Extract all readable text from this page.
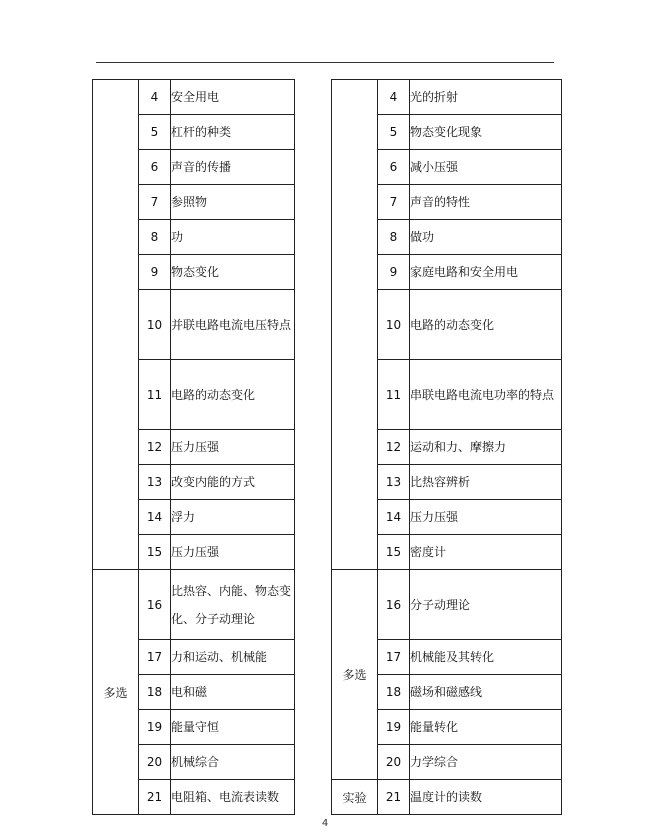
	4	安全用电
	5	杠杆的种类
	6	声音的传播
	7	参照物
	8	功
	9	物态变化
	10	并联电路电流电压特点
	11	电路的动态变化
	12	压力压强
	13	改变内能的方式
	14	浮力
	15	压力压强
多选	16	比热容、内能、物态变化、分子动理论
	17	力和运动、机械能
	18	电和磁
	19	能量守恒
	20	机械综合
	21	电阻箱、电流表读数
	4	光的折射
	5	物态变化现象
	6	减小压强
	7	声音的特性
	8	做功
	9	家庭电路和安全用电
	10	电路的动态变化
	11	串联电路电流电功率的特点
	12	运动和力、摩擦力
	13	比热容辨析
	14	压力压强
	15	密度计
多选	16	分子动理论
	17	机械能及其转化
	18	磁场和磁感线
	19	能量转化
	20	力学综合
实验	21	温度计的读数
4
